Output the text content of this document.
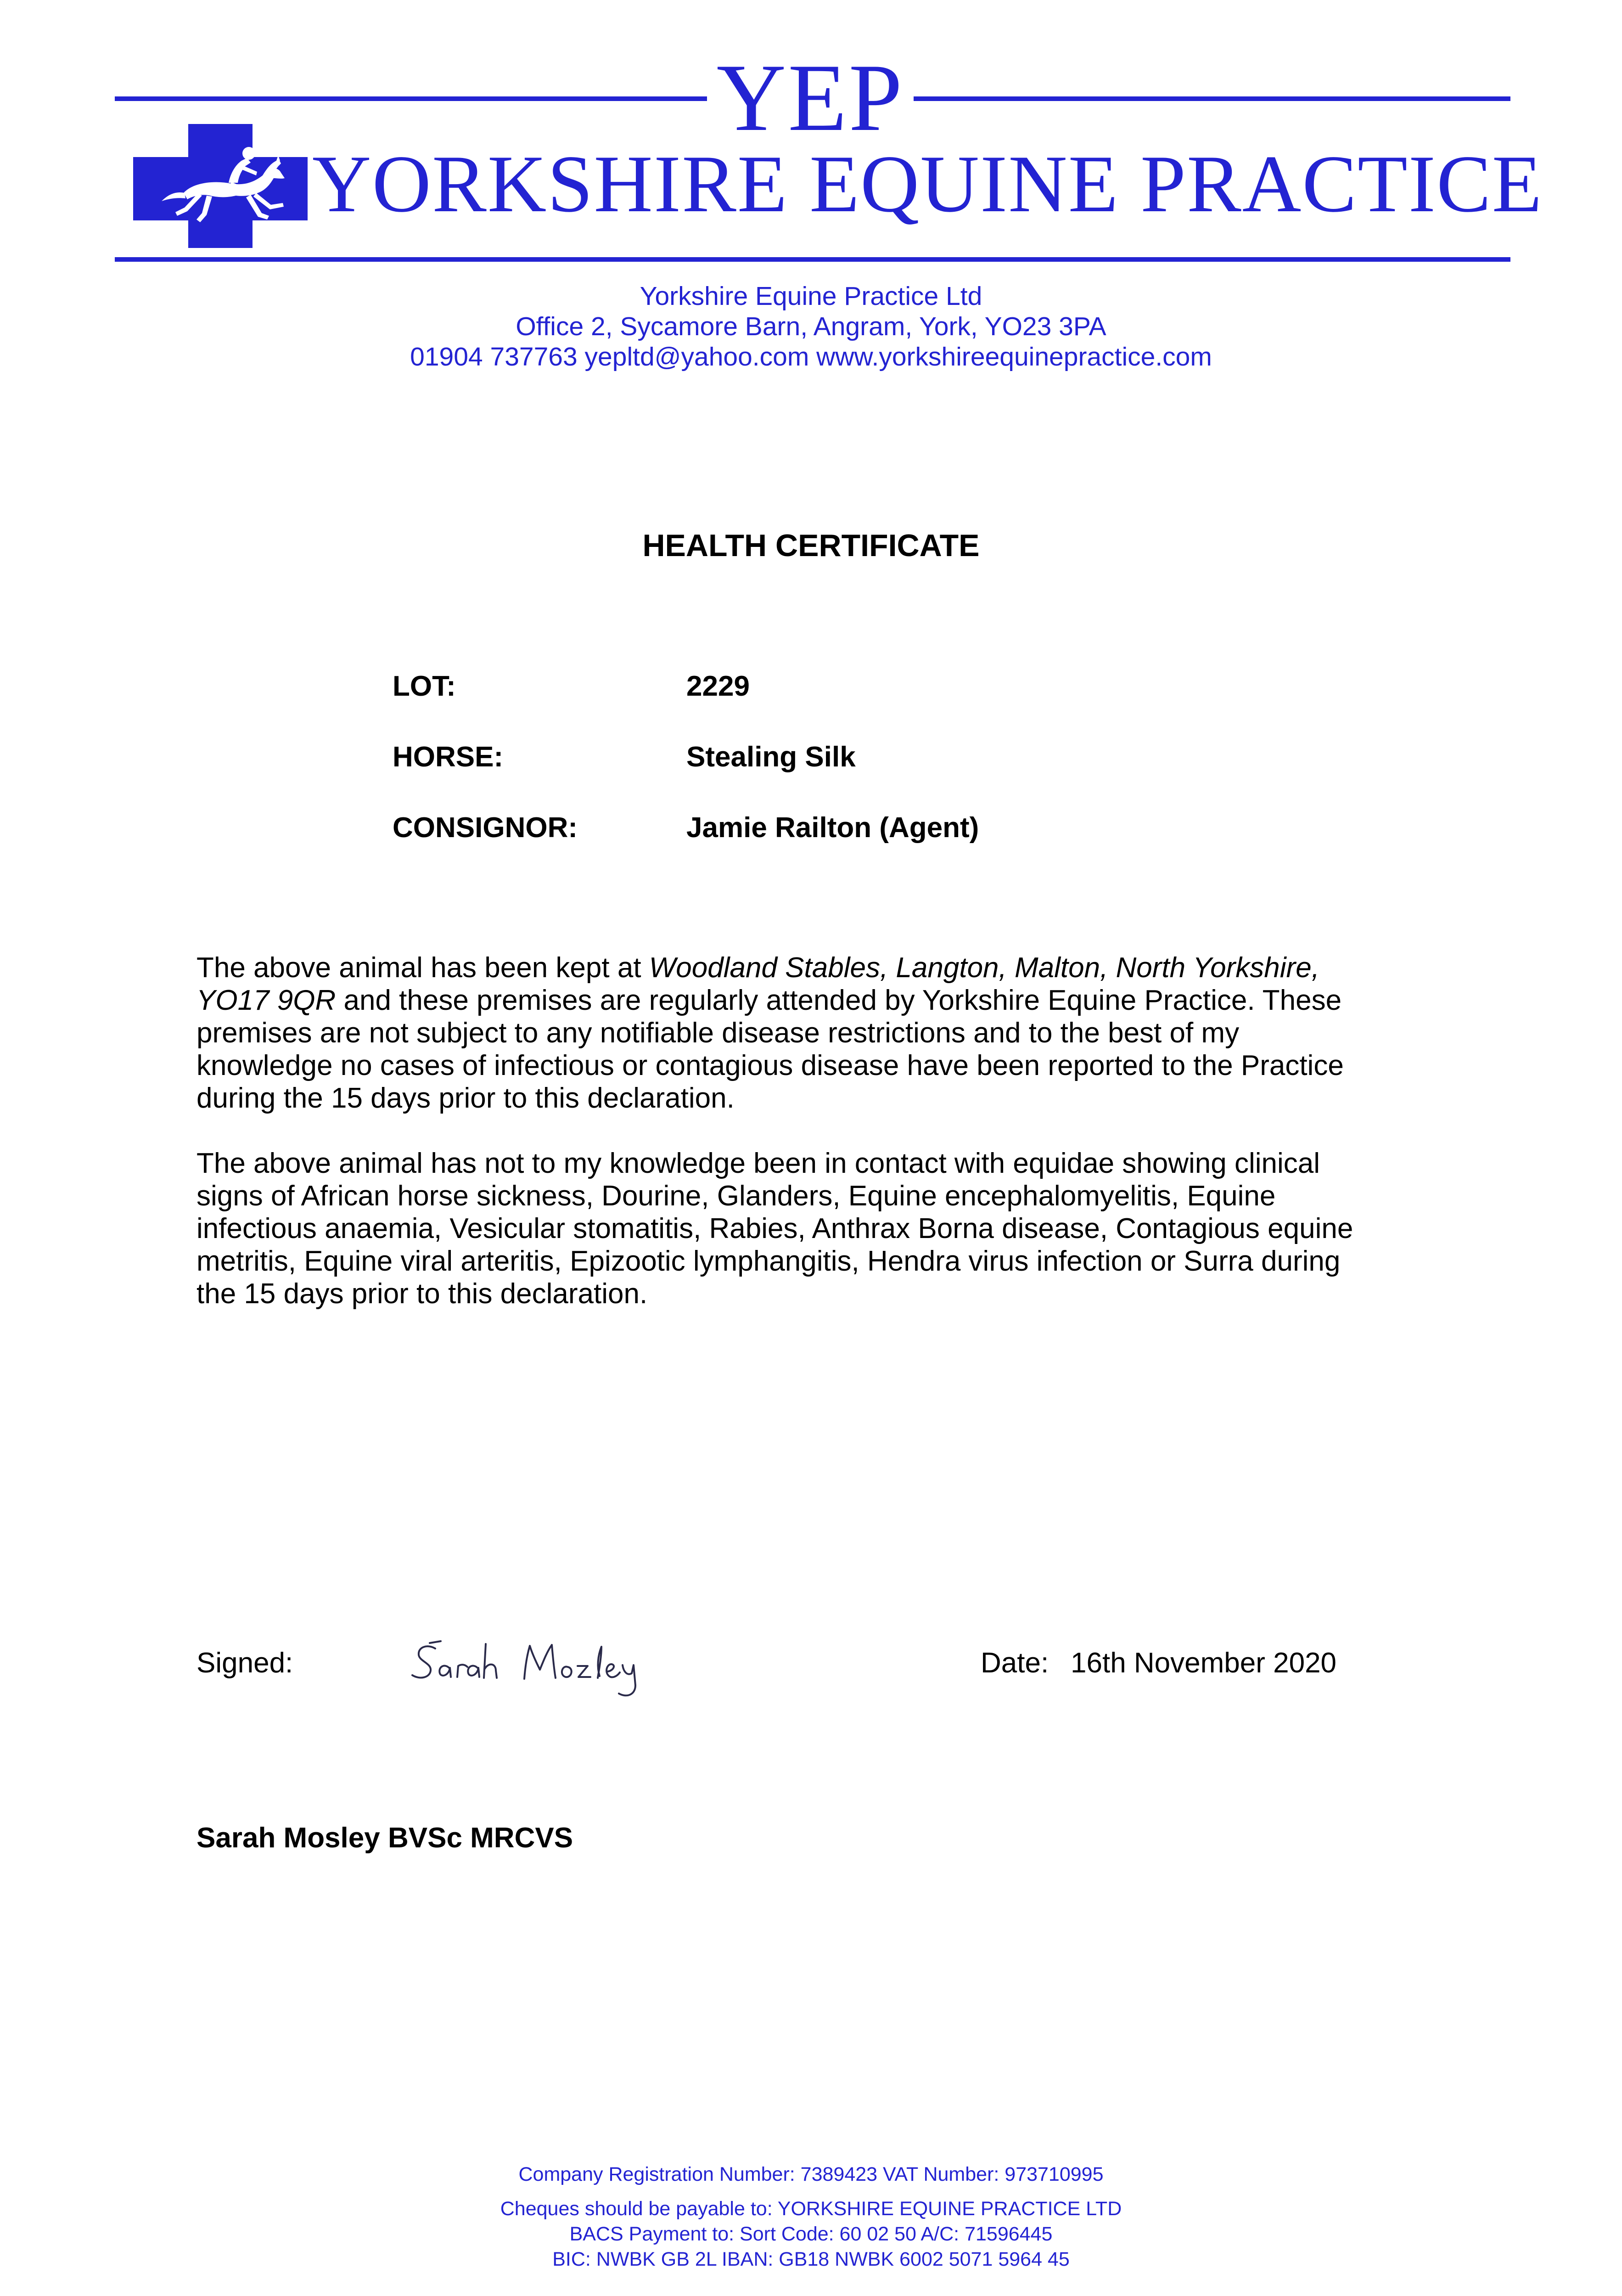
YEP
YORKSHIRE EQUINE PRACTICE
Yorkshire Equine Practice Ltd
Office 2, Sycamore Barn, Angram, York, YO23 3PA
01904 737763 yepltd@yahoo.com www.yorkshireequinepractice.com
HEALTH CERTIFICATE
LOT:	2229
HORSE:	Stealing Silk
CONSIGNOR:	Jamie Railton (Agent)
The above animal has been kept at Woodland Stables, Langton, Malton, North Yorkshire,
YO17 9QR and these premises are regularly attended by Yorkshire Equine Practice. These
premises are not subject to any notifiable disease restrictions and to the best of my
knowledge no cases of infectious or contagious disease have been reported to the Practice
during the 15 days prior to this declaration.
The above animal has not to my knowledge been in contact with equidae showing clinical
signs of African horse sickness, Dourine, Glanders, Equine encephalomyelitis, Equine
infectious anaemia, Vesicular stomatitis, Rabies, Anthrax Borna disease, Contagious equine
metritis, Equine viral arteritis, Epizootic lymphangitis, Hendra virus infection or Surra during
the 15 days prior to this declaration.
Signed:	Date: 16th November 2020
Sarah Mosley BVSc MRCVS
Company Registration Number: 7389423 VAT Number: 973710995
Cheques should be payable to: YORKSHIRE EQUINE PRACTICE LTD
BACS Payment to: Sort Code: 60 02 50 A/C: 71596445
BIC: NWBK GB 2L IBAN: GB18 NWBK 6002 5071 5964 45
